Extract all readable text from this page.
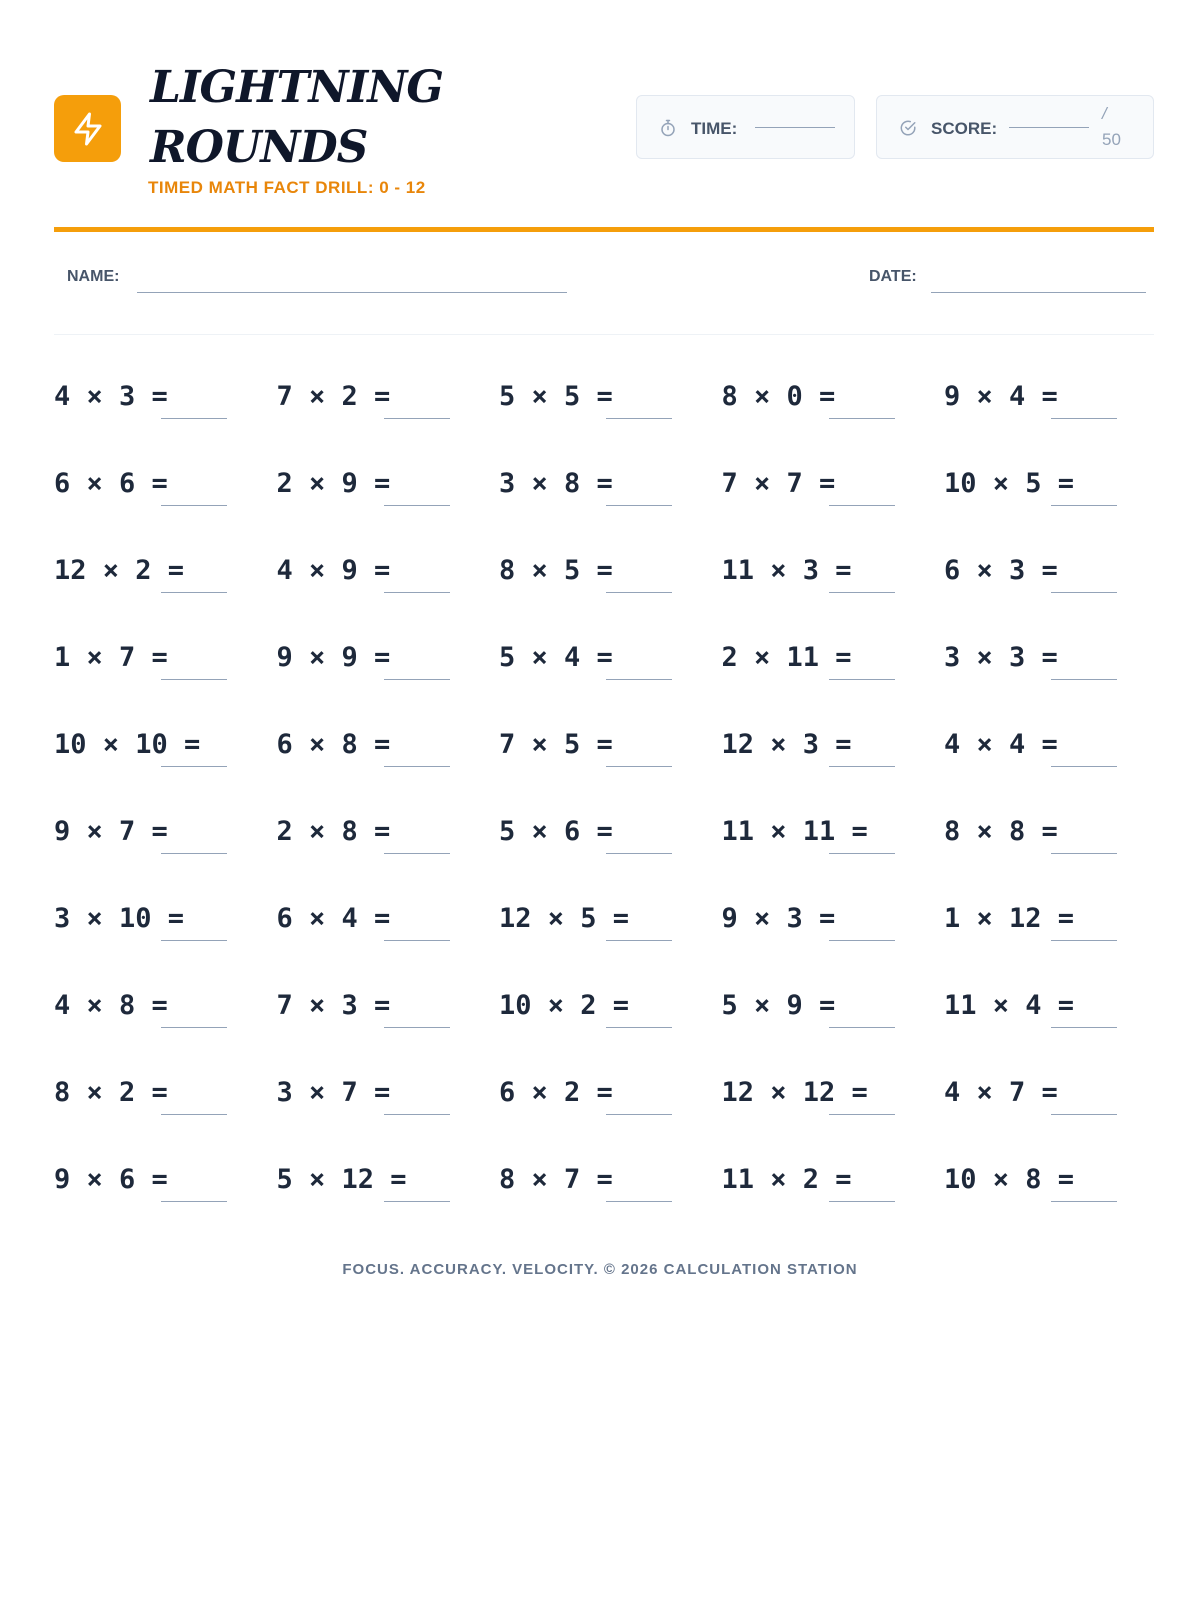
LIGHTNING
ROUNDS
TIMED MATH FACT DRILL: 0 - 12
TIME:	SCORE:
/
50
NAME:	DATE:
4 × 3 =	7 × 2 =	5 × 5 =	8 × 0 =	9 × 4 =
6 × 6 =	2 × 9 =	3 × 8 =	7 × 7 =	10 × 5 =
12 × 2 =	4 × 9 =	8 × 5 =	11 × 3 =	6 × 3 =
1 × 7 =	9 × 9 =	5 × 4 =	2 × 11 =	3 × 3 =
10 × 10 =	6 × 8 =	7 × 5 =	12 × 3 =	4 × 4 =
9 × 7 =	2 × 8 =	5 × 6 =	11 × 11 =	8 × 8 =
3 × 10 =	6 × 4 =	12 × 5 =	9 × 3 =	1 × 12 =
4 × 8 =	7 × 3 =	10 × 2 =	5 × 9 =	11 × 4 =
8 × 2 =	3 × 7 =	6 × 2 =	12 × 12 =	4 × 7 =
9 × 6 =	5 × 12 =	8 × 7 =	11 × 2 =	10 × 8 =
FOCUS. ACCURACY. VELOCITY. © 2026 CALCULATION STATION
